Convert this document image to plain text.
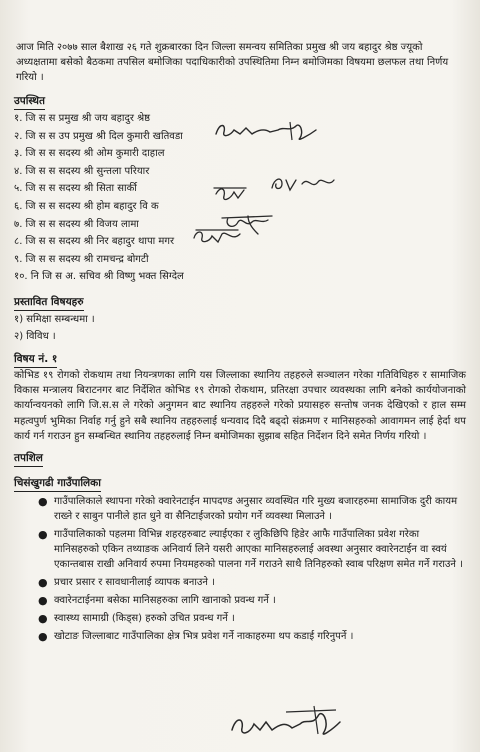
आज मिति २०७७ साल बैशाख २६ गते शुक्रबारका दिन जिल्ला समन्वय समितिका प्रमुख श्री जय बहादुर श्रेष्ठ ज्यूको अध्यक्षतामा बसेको बैठकमा तपसिल बमोजिका पदाधिकारीको उपस्थितिमा निम्न बमोजिमका विषयमा छलफल तथा निर्णय गरियो ।

उपस्थित

१. जि स स प्रमुख श्री जय बहादुर श्रेष्ठ
२. जि स स उप प्रमुख श्री दिल कुमारी खतिवडा
३. जि स स सदस्य श्री ओम कुमारी दाहाल
४. जि स स सदस्य श्री सुन्तला परियार
५. जि स स सदस्य श्री सिता सार्की
६. जि स स सदस्य श्री होम बहादुर वि क
७. जि स स सदस्य श्री विजय लामा
८. जि स स सदस्य श्री निर बहादुर थापा मगर
९. जि स स सदस्य श्री रामचन्द्र बोगटी
१०. नि जि स अ. सचिव श्री विष्णु भक्त सिग्देल

प्रस्तावित विषयहरु

१) समिक्षा सम्बन्धमा ।
२) विविध ।

विषय नं. १

कोभिड १९ रोगको रोकथाम तथा नियन्त्रणका लागि यस जिल्लाका स्थानिय तहहरुले सञ्चालन गरेका गतिविधिहरु र सामाजिक विकास मन्त्रालय बिराटनगर बाट निर्देशित कोभिड १९ रोगको रोकथाम, प्रतिरक्षा उपचार व्यवस्थका लागि बनेको कार्ययोजनाको कार्यान्वयनको लागि जि.स.स ले गरेको अनुगमन बाट स्थानिय तहहरुले गरेको प्रयासहरु सन्तोष जनक देखिएको र हाल सम्म महत्वपुर्ण भुमिका निर्वाह गर्नु हुने सबै स्थानिय तहहरुलाई धन्यवाद दिदै बढ्दो संक्रमण र मानिसहरुको आवागमन लाई हेर्दा थप कार्य गर्न गराउन हुन सम्बन्धित स्थानिय तहहरुलाई निम्न बमोजिमका सुझाब सहित निर्देशन दिने समेत निर्णय गरियो ।

तपशिल

चिसंखुगढी गाउँपालिका

● गाउँपालिकाले स्थापना गरेको क्वारेनटाईन मापदण्ड अनुसार व्यवस्थित गरि मुख्य बजारहरुमा सामाजिक दुरी कायम राख्ने र साबुन पानीले हात धुने वा सैनिटाईजरको प्रयोग गर्ने व्यवस्था मिलाउने ।
● गाउँपालिकाको पहलमा विभिन्न शहरहरुबाट ल्याईएका र लुकिछिपि हिडेर आफै गाउँपालिका प्रवेश गरेका मानिसहरुको एकिन तथ्याङक अनिवार्य लिने यसरी आएका मानिसहरुलाई अवस्था अनुसार क्वारेनटाईन वा स्वयं एकान्तबास राखी अनिवार्य रुपमा नियमहरुको पालना गर्ने गराउने साथै तिनिहरुको स्वाब परिक्षण समेत गर्ने गराउने ।
● प्रचार प्रसार र सावधानीलाई व्यापक बनाउने ।
● क्वारेनटाईनमा बसेका मानिसहरुका लागि खानाको प्रवन्ध गर्ने ।
● स्वास्थ्य सामाग्री (किड्स) हरुको उचित प्रवन्ध गर्ने ।
● खोटाङ जिल्लाबाट गाउँपालिका क्षेत्र भित्र प्रवेश गर्ने नाकाहरुमा थप कडाई गरिनुपर्ने ।
